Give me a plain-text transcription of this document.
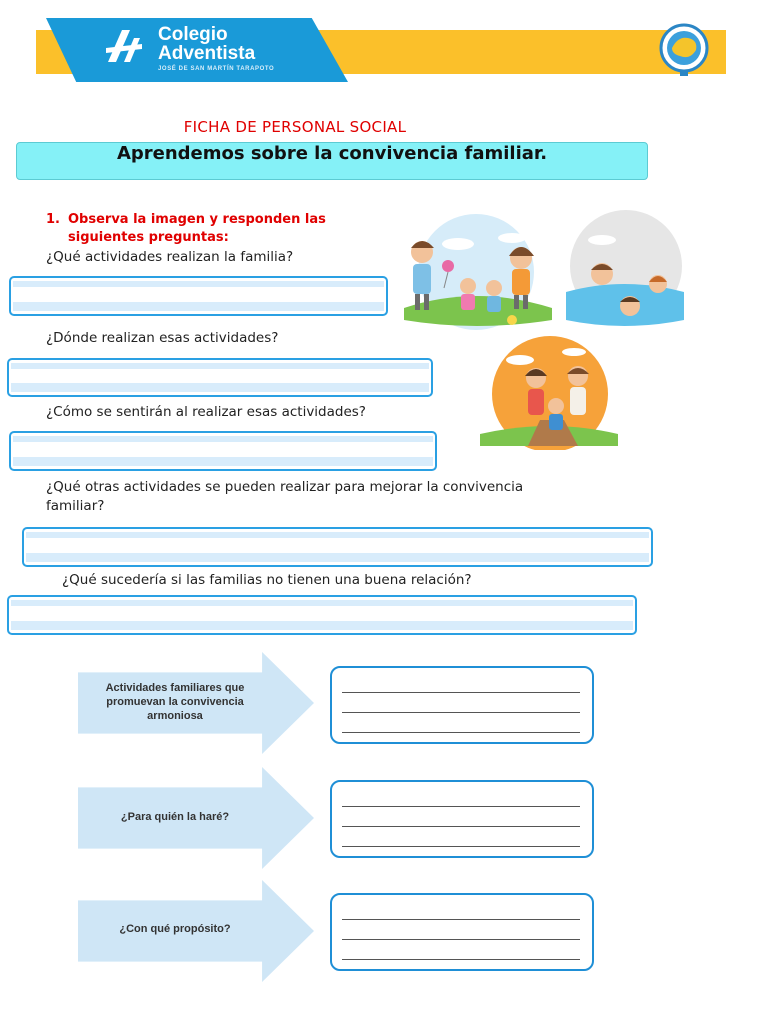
Colegio
Adventista
JOSÉ DE SAN MARTÍN TARAPOTO
FICHA DE PERSONAL SOCIAL
Aprendemos sobre la convivencia familiar.
1. Observa la imagen y responden las siguientes preguntas:
¿Qué actividades realizan la familia?
¿Dónde realizan esas actividades?
¿Cómo se sentirán al realizar esas actividades?
¿Qué otras actividades se pueden realizar para mejorar la convivencia familiar?
¿Qué sucedería si las familias no tienen una buena relación?
Actividades familiares que promuevan la convivencia armoniosa
¿Para quién la haré?
¿Con qué propósito?
